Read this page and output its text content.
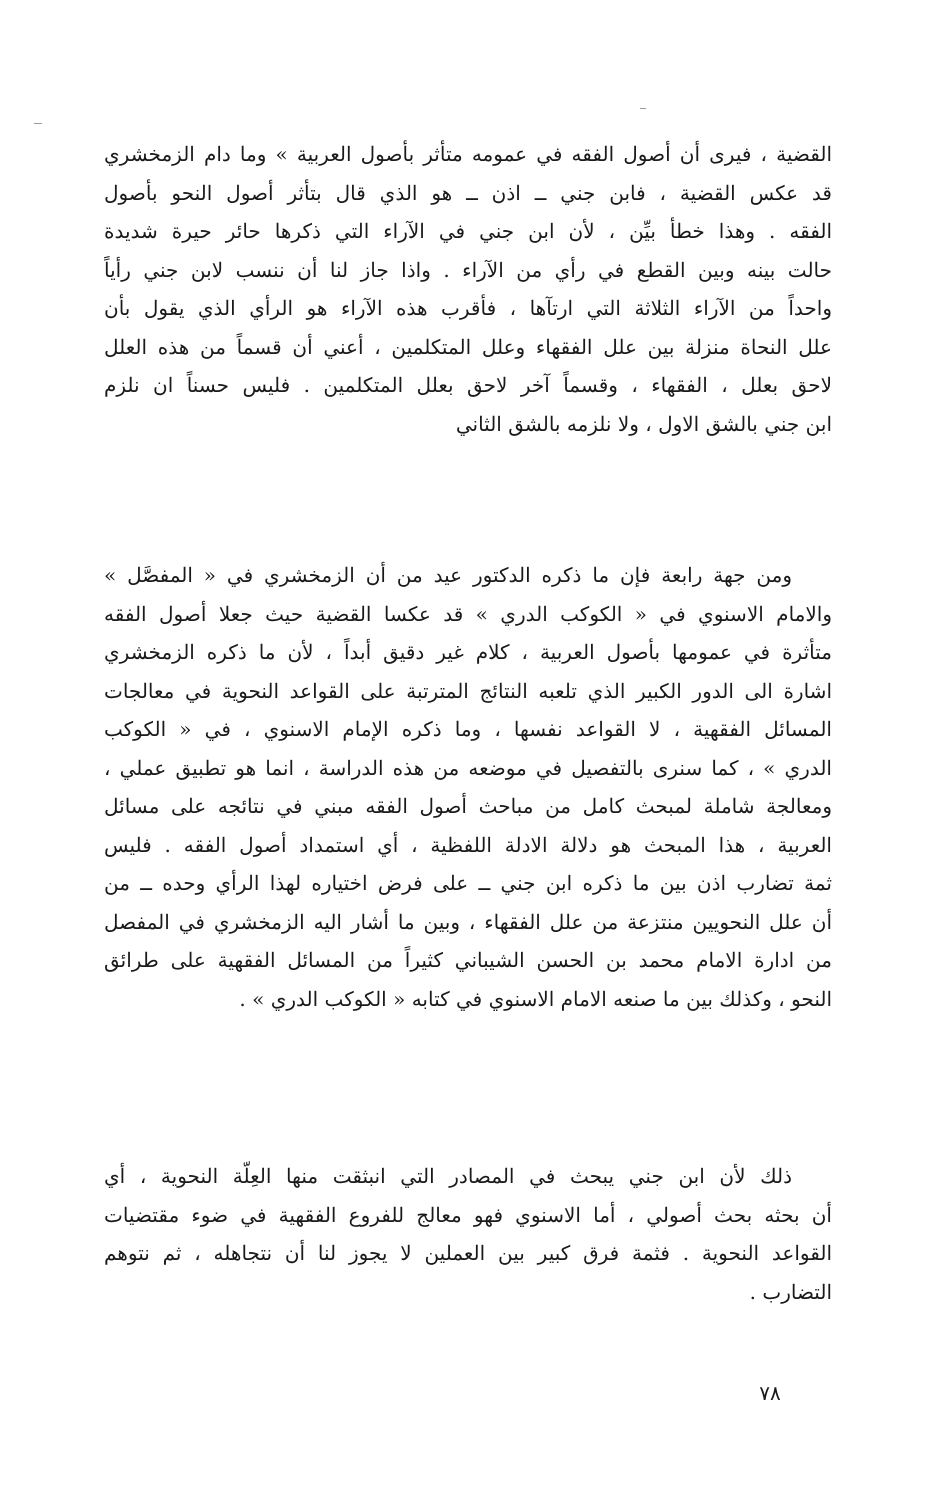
القضية ، فيرى أن أصول الفقه في عمومه متأثر بأصول العربية » وما دام الزمخشري
قد عكس القضية ، فابن جني ــ اذن ــ هو الذي قال بتأثر أصول النحو بأصول
الفقه . وهذا خطأ بيِّن ، لأن ابن جني في الآراء التي ذكرها حائر حيرة شديدة
حالت بينه وبين القطع في رأي من الآراء . واذا جاز لنا أن ننسب لابن جني رأياً
واحداً من الآراء الثلاثة التي ارتآها ، فأقرب هذه الآراء هو الرأي الذي يقول بأن
علل النحاة منزلة بين علل الفقهاء وعلل المتكلمين ، أعني أن قسماً من هذه العلل
لاحق بعلل ، الفقهاء ، وقسماً آخر لاحق بعلل المتكلمين . فليس حسناً ان نلزم
ابن جني بالشق الاول ، ولا نلزمه بالشق الثاني
ومن جهة رابعة فإن ما ذكره الدكتور عيد من أن الزمخشري في « المفصَّل »
والامام الاسنوي في « الكوكب الدري » قد عكسا القضية حيث جعلا أصول الفقه
متأثرة في عمومها بأصول العربية ، كلام غير دقيق أبداً ، لأن ما ذكره الزمخشري
اشارة الى الدور الكبير الذي تلعبه النتائج المترتبة على القواعد النحوية في معالجات
المسائل الفقهية ، لا القواعد نفسها ، وما ذكره الإمام الاسنوي ، في « الكوكب
الدري » ، كما سنرى بالتفصيل في موضعه من هذه الدراسة ، انما هو تطبيق عملي ،
ومعالجة شاملة لمبحث كامل من مباحث أصول الفقه مبني في نتائجه على مسائل
العربية ، هذا المبحث هو دلالة الادلة اللفظية ، أي استمداد أصول الفقه . فليس
ثمة تضارب اذن بين ما ذكره ابن جني ــ على فرض اختياره لهذا الرأي وحده ــ من
أن علل النحويين منتزعة من علل الفقهاء ، وبين ما أشار اليه الزمخشري في المفصل
من ادارة الامام محمد بن الحسن الشيباني كثيراً من المسائل الفقهية على طرائق
النحو ، وكذلك بين ما صنعه الامام الاسنوي في كتابه « الكوكب الدري » .
ذلك لأن ابن جني يبحث في المصادر التي انبثقت منها العِلّة النحوية ، أي
أن بحثه بحث أصولي ، أما الاسنوي فهو معالج للفروع الفقهية في ضوء مقتضيات
القواعد النحوية . فثمة فرق كبير بين العملين لا يجوز لنا أن نتجاهله ، ثم نتوهم
التضارب .
٧٨
